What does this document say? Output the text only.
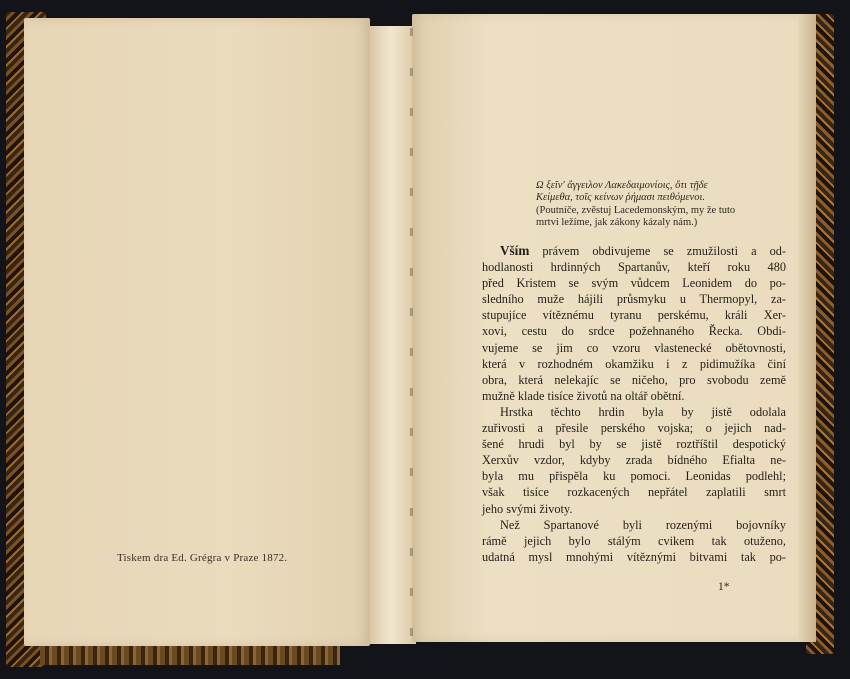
Tiskem dra Ed. Grégra v Praze 1872.
Ω ξεῖν' ἄγγειλον Λακεδαιμονίοις, ὅτι τῇδε
Κείμεθα, τοῖς κείνων ῥήμασι πειθόμενοι.
(Poutníče, zvěstuj Lacedemonským, my že tuto
mrtvi ležíme, jak zákony kázaly nám.)
Vším právem obdivujeme se zmužilosti a od-
hodlanosti hrdinných Spartanův, kteří roku 480
před Kristem se svým vůdcem Leonidem do po-
sledního muže hájili průsmyku u Thermopyl, za-
stupujíce vítěznému tyranu perskému, králi Xer-
xovi, cestu do srdce požehnaného Řecka. Obdi-
vujeme se jim co vzoru vlastenecké obětovnosti,
která v rozhodném okamžiku i z pidimužíka činí
obra, která nelekajíc se ničeho, pro svobodu země
mužně klade tisíce životů na oltář obětní.
Hrstka těchto hrdin byla by jistě odolala
zuřivosti a přesile perského vojska; o jejich nad-
šené hrudi byl by se jistě roztříštil despotický
Xerxův vzdor, kdyby zrada bídného Efialta ne-
byla mu přispěla ku pomoci. Leonidas podlehl;
však tisíce rozkacených nepřátel zaplatili smrt
jeho svými životy.
Než Spartanové byli rozenými bojovníky
rámě jejich bylo stálým cvikem tak otuženo,
udatná mysl mnohými vítěznými bitvami tak po-
1*
